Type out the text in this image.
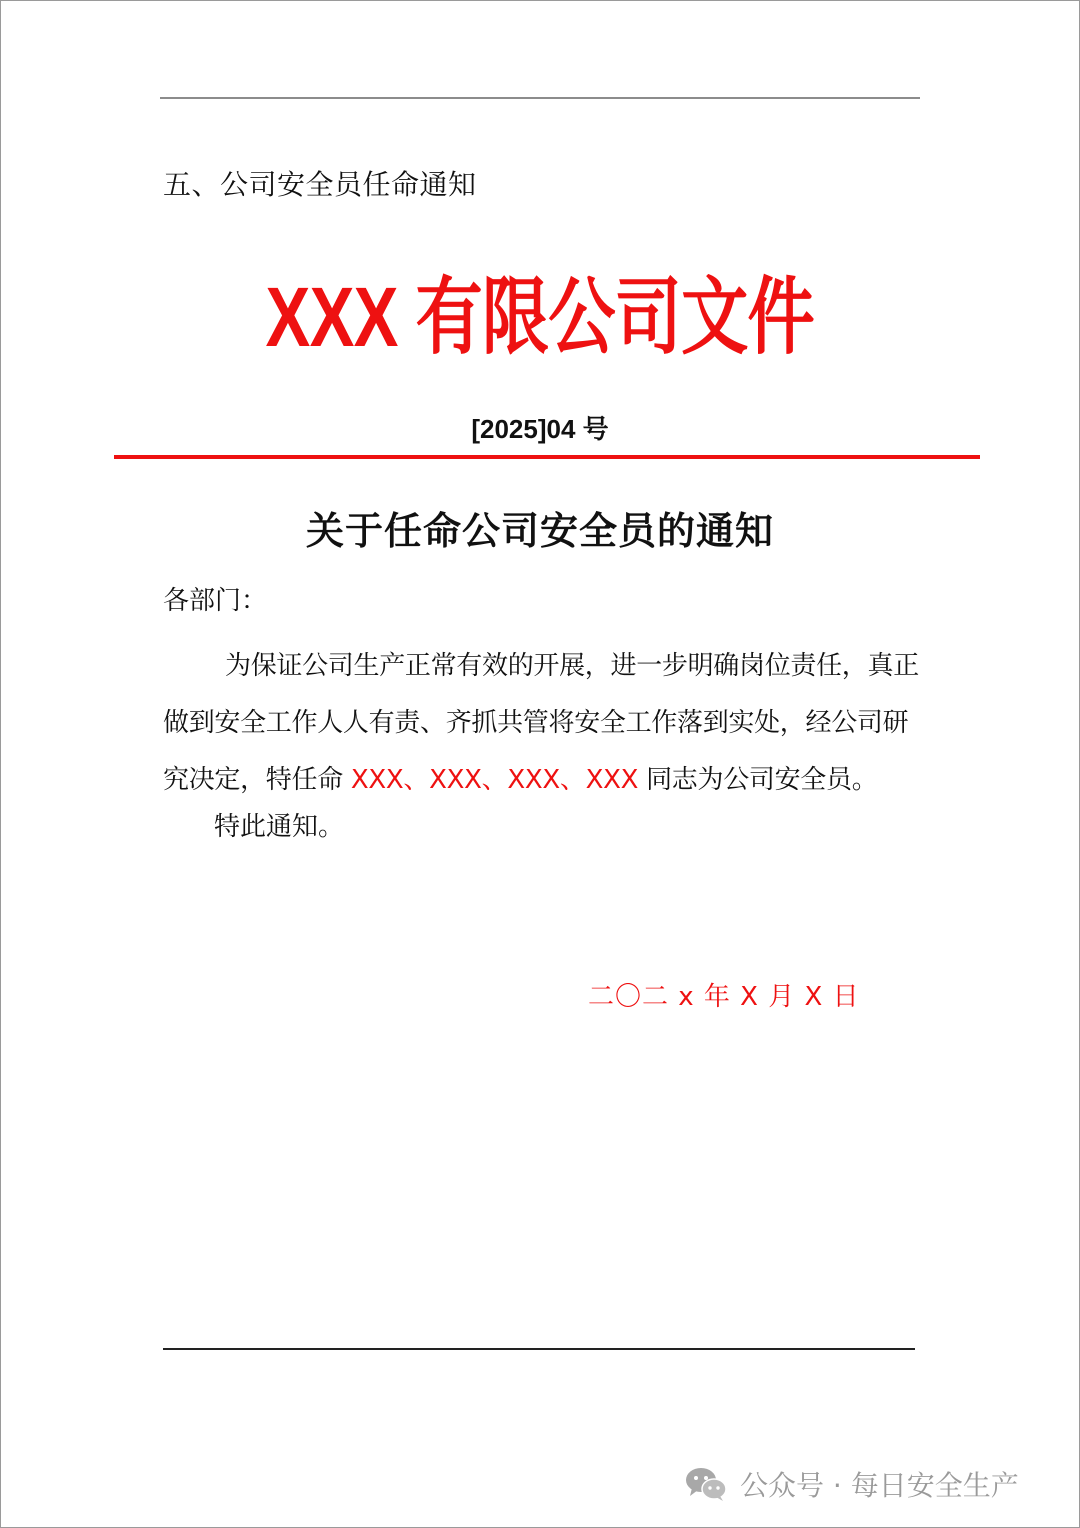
五、公司安全员任命通知
XXX 有限公司文件
[2025]04 号
关于任命公司安全员的通知
各部门：
为保证公司生产正常有效的开展，进一步明确岗位责任，真正做到安全工作人人有责、齐抓共管将安全工作落到实处，经公司研究决定，特任命 XXX、XXX、XXX、XXX 同志为公司安全员。
特此通知。
二〇二 x 年 X 月 X 日
公众号 · 每日安全生产
